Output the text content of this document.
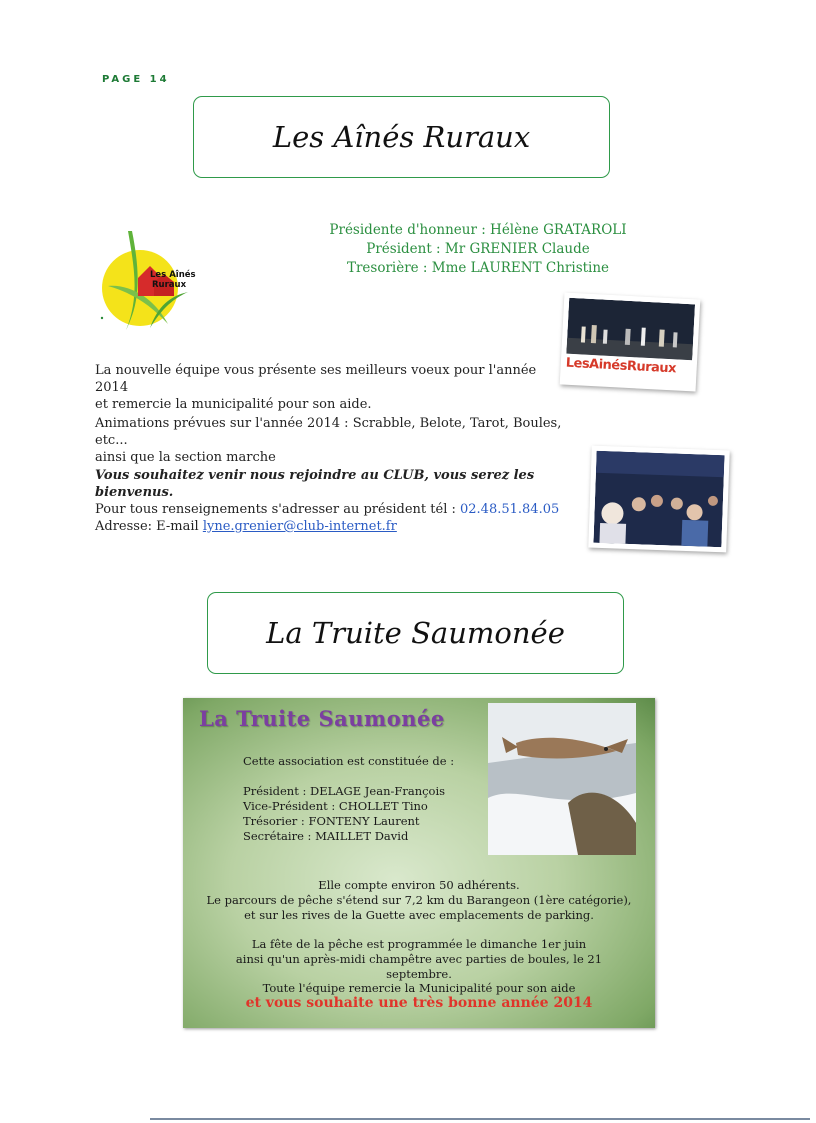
PAGE 14
Les Aînés Ruraux
Les Aînés
Ruraux
Présidente d'honneur : Hélène GRATAROLI
Président : Mr GRENIER Claude
Tresorière : Mme LAURENT Christine
LesAinésRuraux
La nouvelle équipe vous présente ses meilleurs voeux pour l'année 2014
et remercie la municipalité pour son aide.
Animations prévues sur l'année 2014 : Scrabble, Belote, Tarot, Boules, etc...
ainsi que la section marche
Vous souhaitez venir nous rejoindre au CLUB, vous serez les bienvenus.
Pour tous renseignements s'adresser au président tél : 02.48.51.84.05
Adresse: E-mail lyne.grenier@club-internet.fr
La Truite Saumonée
La Truite Saumonée
Cette association est constituée de :
Président : DELAGE Jean-François
Vice-Président : CHOLLET Tino
Trésorier : FONTENY Laurent
Secrétaire : MAILLET David
Elle compte environ 50 adhérents.
Le parcours de pêche s'étend sur 7,2 km du Barangeon (1ère catégorie),
et sur les rives de la Guette avec emplacements de parking.
La fête de la pêche est programmée le dimanche 1er juin
ainsi qu'un après-midi champêtre avec parties de boules, le 21 septembre.
Toute l'équipe remercie la Municipalité pour son aide
et vous souhaite une très bonne année 2014
